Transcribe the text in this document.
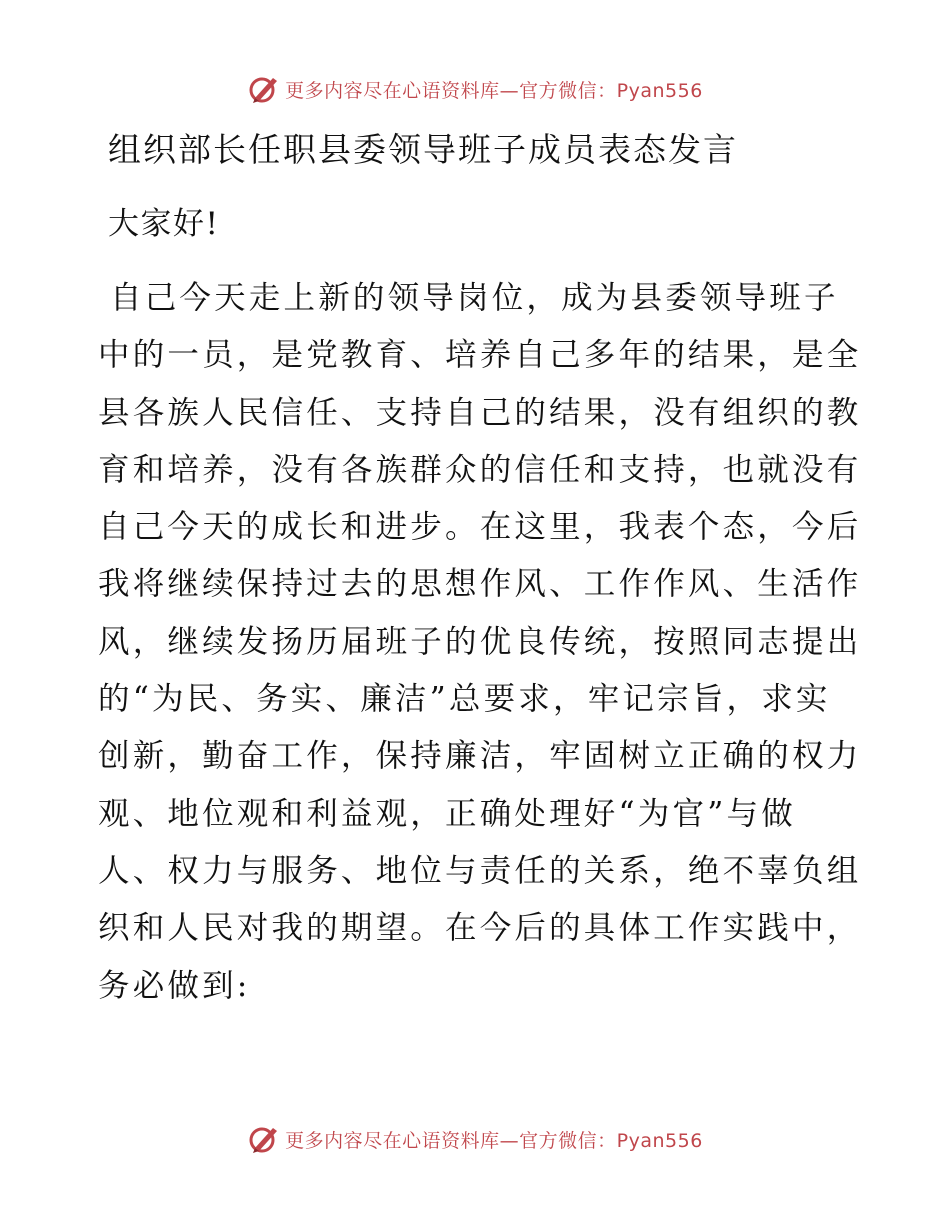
更多内容尽在心语资料库—官方微信：Pyan556
组织部长任职县委领导班子成员表态发言

大家好!

自己今天走上新的领导岗位，成为县委领导班子
中的一员，是党教育、培养自己多年的结果，是全
县各族人民信任、支持自己的结果，没有组织的教
育和培养，没有各族群众的信任和支持，也就没有
自己今天的成长和进步。在这里，我表个态，今后
我将继续保持过去的思想作风、工作作风、生活作
风，继续发扬历届班子的优良传统，按照同志提出
的“为民、务实、廉洁”总要求，牢记宗旨，求实
创新，勤奋工作，保持廉洁，牢固树立正确的权力
观、地位观和利益观，正确处理好“为官”与做
人、权力与服务、地位与责任的关系，绝不辜负组
织和人民对我的期望。在今后的具体工作实践中，
务必做到:
更多内容尽在心语资料库—官方微信：Pyan556
